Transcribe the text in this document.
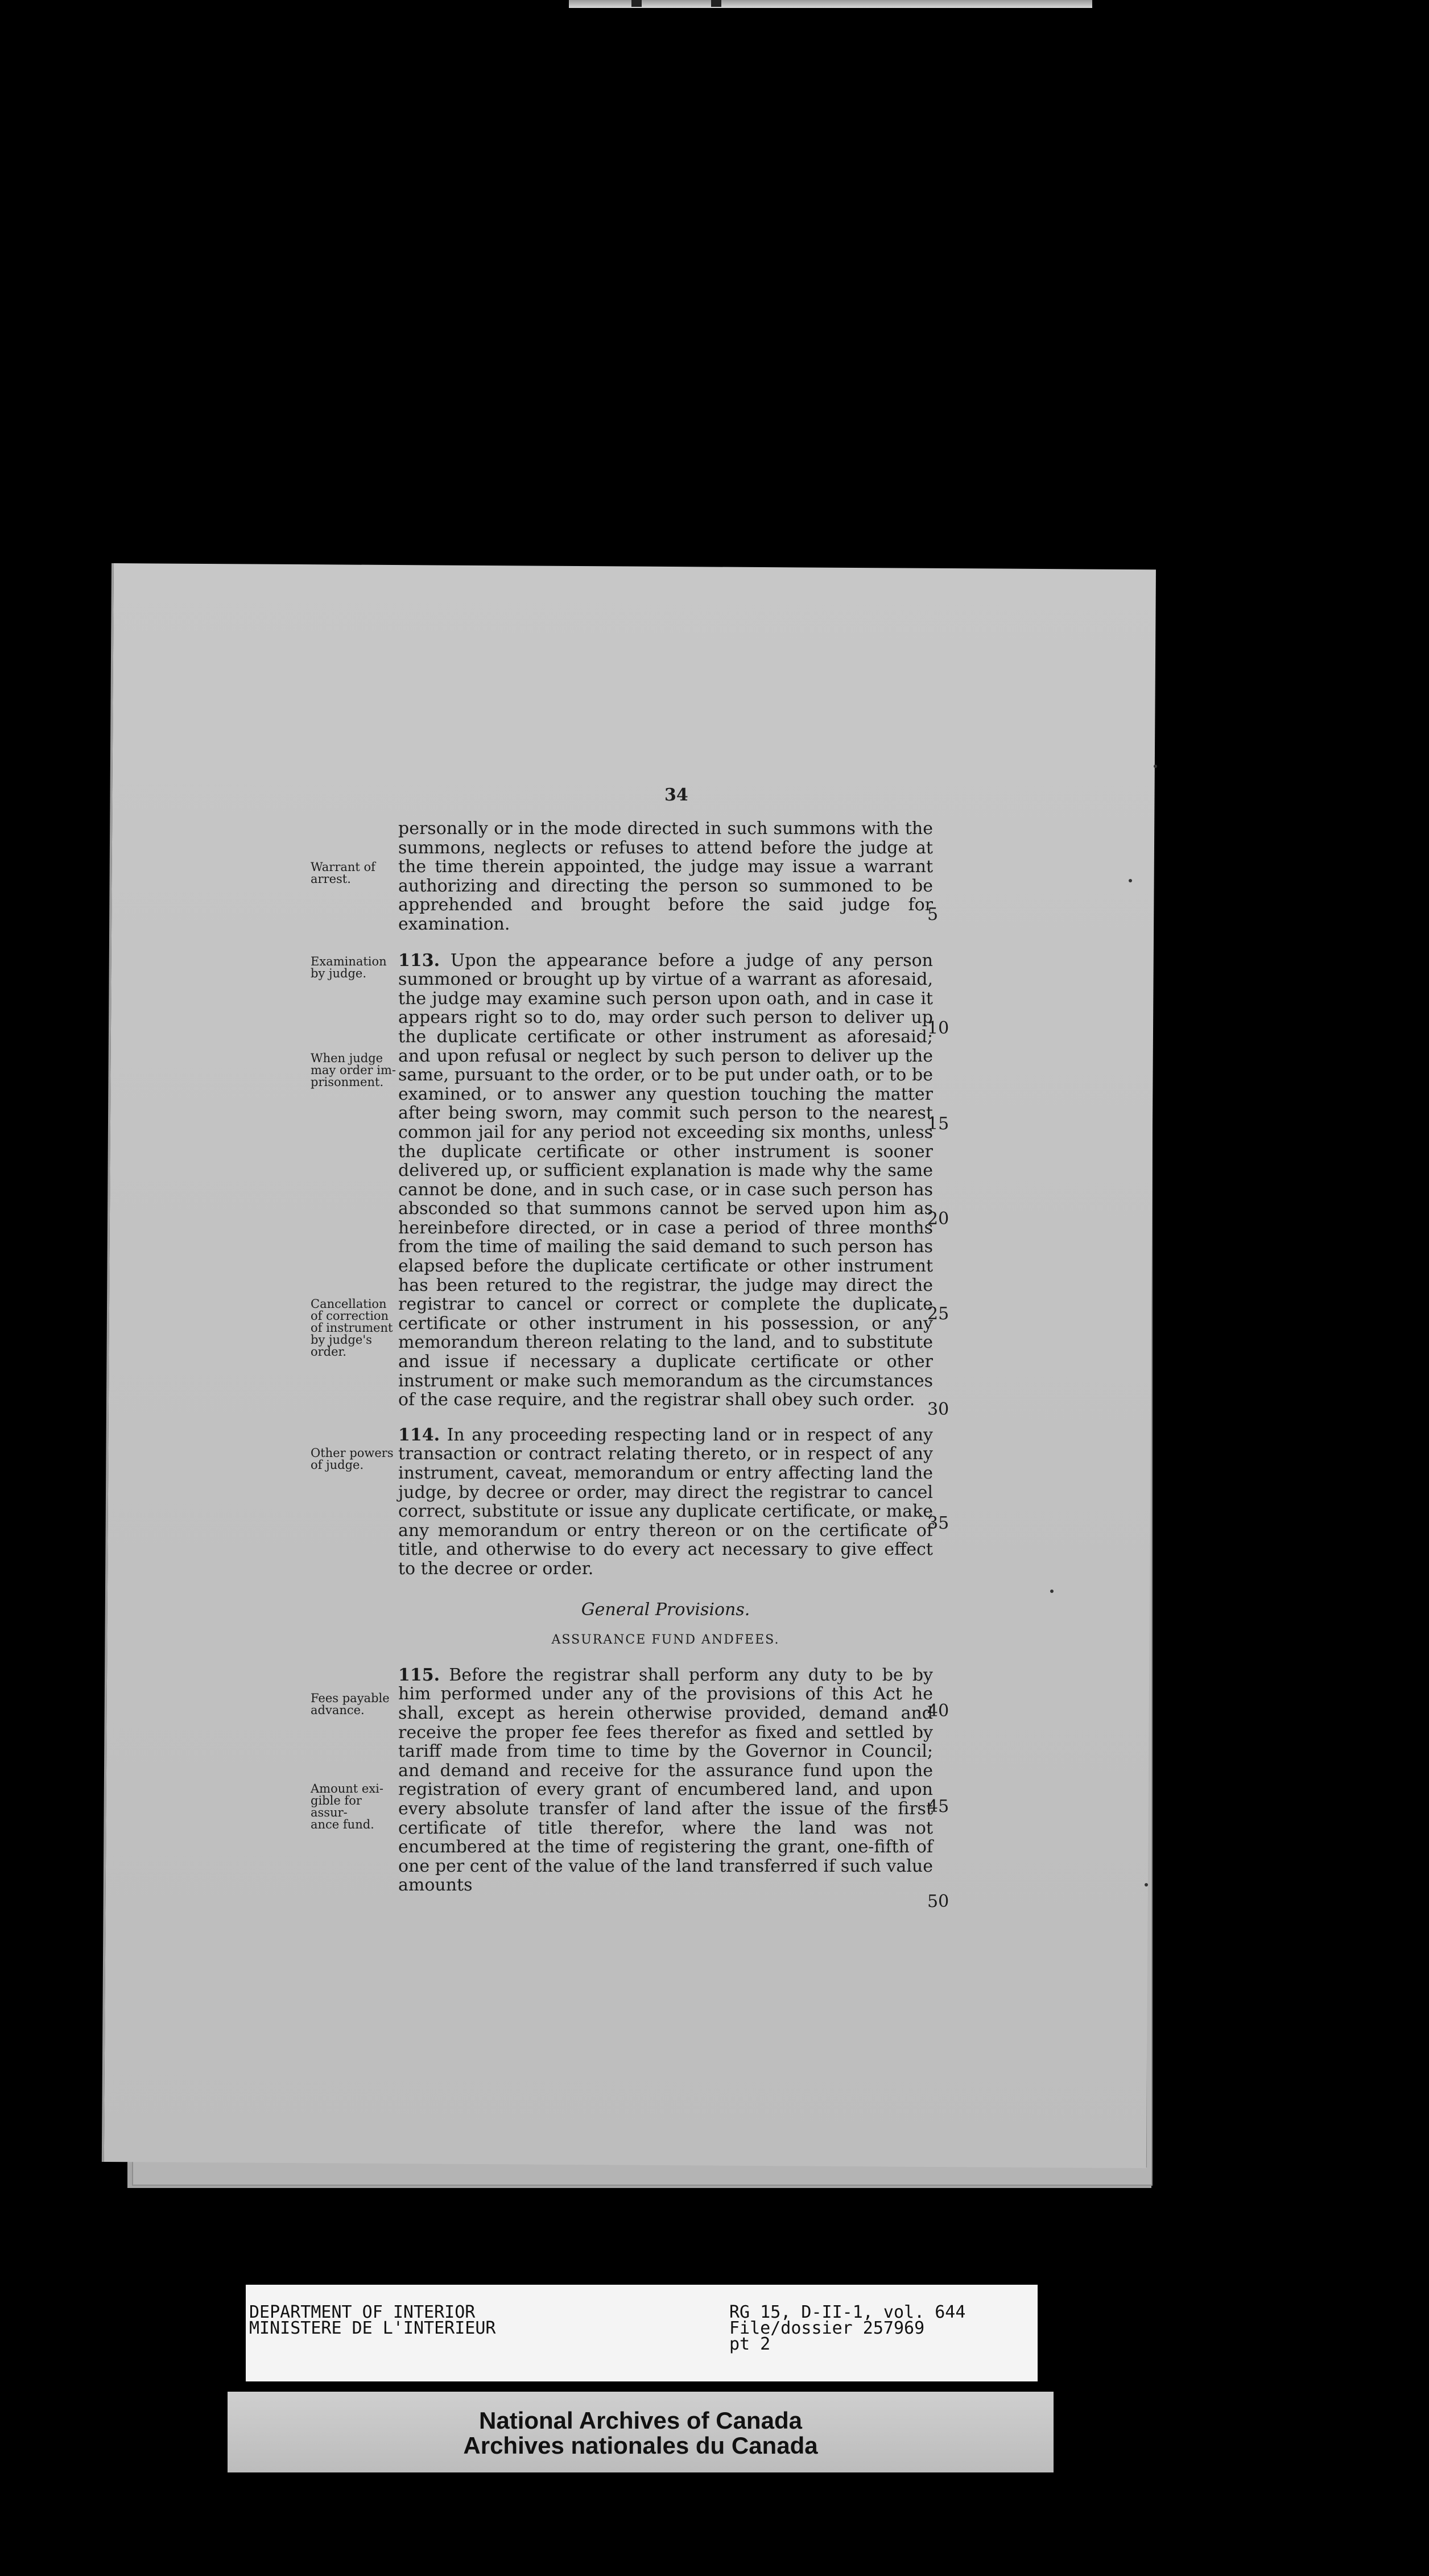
34

personally or in the mode directed in such summons with the summons, neglects or refuses to attend before the judge at the time therein appointed, the judge may issue a warrant authorizing and directing the person so summoned to be apprehended and brought before the said judge for examination.

113. Upon the appearance before a judge of any person summoned or brought up by virtue of a warrant as aforesaid, the judge may examine such person upon oath, and in case it appears right so to do, may order such person to deliver up the duplicate certificate or other instrument as aforesaid; and upon refusal or neglect by such person to deliver up the same, pursuant to the order, or to be put under oath, or to be examined, or to answer any question touching the matter after being sworn, may commit such person to the nearest common jail for any period not exceeding six months, unless the duplicate certificate or other instrument is sooner delivered up, or sufficient explanation is made why the same cannot be done, and in such case, or in case such person has absconded so that summons cannot be served upon him as hereinbefore directed, or in case a period of three months from the time of mailing the said demand to such person has elapsed before the duplicate certificate or other instrument has been retured to the registrar, the judge may direct the registrar to cancel or correct or complete the duplicate certificate or other instrument in his possession, or any memorandum thereon relating to the land, and to substitute and issue if necessary a duplicate certificate or other instrument or make such memorandum as the circumstances of the case require, and the registrar shall obey such order.

114. In any proceeding respecting land or in respect of any transaction or contract relating thereto, or in respect of any instrument, caveat, memorandum or entry affecting land the judge, by decree or order, may direct the registrar to cancel correct, substitute or issue any duplicate certificate, or make any memorandum or entry thereon or on the certificate of title, and otherwise to do every act necessary to give effect to the decree or order.

General Provisions.
ASSURANCE FUND ANDFEES.

115. Before the registrar shall perform any duty to be by him performed under any of the provisions of this Act he shall, except as herein otherwise provided, demand and receive the proper fee fees therefor as fixed and settled by tariff made from time to time by the Governor in Council; and demand and receive for the assurance fund upon the registration of every grant of encumbered land, and upon every absolute transfer of land after the issue of the first certificate of title therefor, where the land was not encumbered at the time of registering the grant, one-fifth of one per cent of the value of the land transferred if such value amounts

Warrant of
arrest.
Examination
by judge.
When judge
may order im-
prisonment.
Cancellation
of correction
of instrument
by judge's
order.
Other powers
of judge.
Fees payable
advance.
Amount exi-
gible for assur-
ance fund.
5
10
15
20
25
30
35
40
45
50
DEPARTMENT OF INTERIOR
MINISTERE DE L'INTERIEUR
RG 15, D-II-1, vol. 644
File/dossier 257969
pt 2
National Archives of Canada
Archives nationales du Canada
